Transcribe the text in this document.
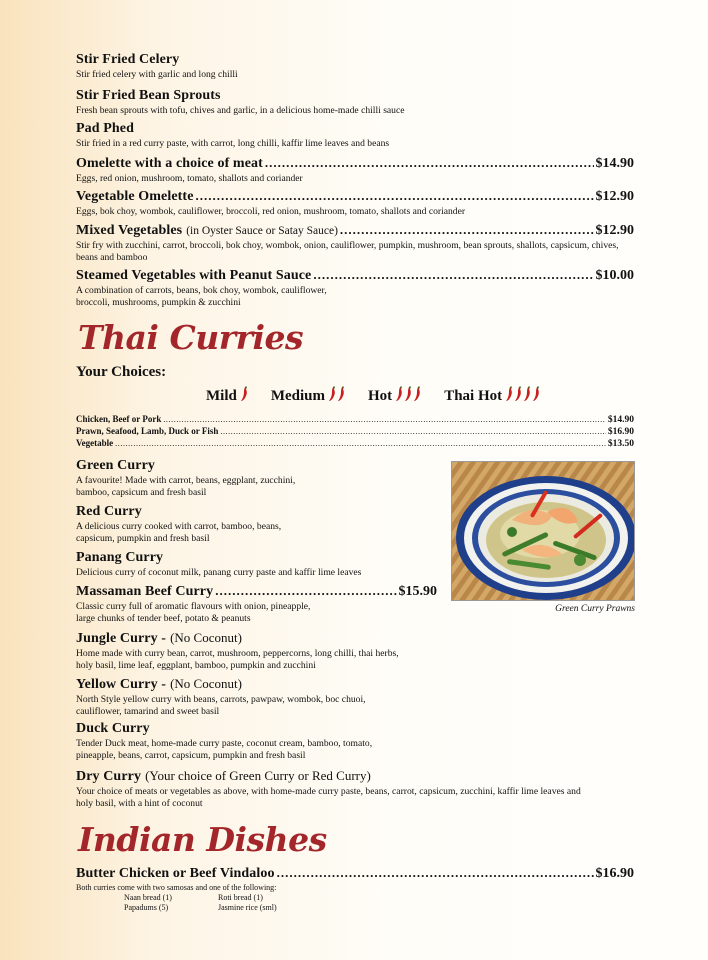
Stir Fried Celery
Stir fried celery with garlic and long chilli
Stir Fried Bean Sprouts
Fresh bean sprouts with tofu, chives and garlic, in a delicious home-made chilli sauce
Pad Phed
Stir fried in a red curry paste, with carrot, long chilli, kaffir lime leaves and beans
Omelette with a choice of meat .....	$14.90
Eggs, red onion, mushroom, tomato, shallots and coriander
Vegetable Omelette .....	$12.90
Eggs, bok choy, wombok, cauliflower, broccoli, red onion, mushroom, tomato, shallots and coriander
Mixed Vegetables
(in Oyster Sauce or Satay Sauce) .....	$12.90
Stir fry with zucchini, carrot, broccoli, bok choy, wombok, onion, cauliflower, pumpkin, mushroom, bean sprouts, shallots, capsicum, chives, beans and bamboo
Steamed Vegetables with Peanut Sauce .....	$10.00
A combination of carrots, beans, bok choy, wombok, cauliflower,
broccoli, mushrooms, pumpkin & zucchini
Thai Curries
Your Choices:
Mild Medium	Hot	Thai Hot
Chicken, Beef or Pork .....	$14.90
Prawn, Seafood, Lamb, Duck or Fish .....	$16.90
Vegetable .....	$13.50
Green Curry Prawns
Green Curry
A favourite! Made with carrot, beans, eggplant, zucchini,
bamboo, capsicum and fresh basil
Red Curry
A delicious curry cooked with carrot, bamboo, beans,
capsicum, pumpkin and fresh basil
Panang Curry
Delicious curry of coconut milk, panang curry paste and kaffir lime leaves
Massaman Beef Curry .....	$15.90
Classic curry full of aromatic flavours with onion, pineapple,
large chunks of tender beef, potato & peanuts
Jungle Curry -
(No Coconut)
Home made with curry bean, carrot, mushroom, peppercorns, long chilli, thai herbs,
holy basil, lime leaf, eggplant, bamboo, pumpkin and zucchini
Yellow Curry -
(No Coconut)
North Style yellow curry with beans, carrots, pawpaw, wombok, boc chuoi,
cauliflower, tamarind and sweet basil
Duck Curry
Tender Duck meat, home-made curry paste, coconut cream, bamboo, tomato,
pineapple, beans, carrot, capsicum, pumpkin and fresh basil
Dry Curry
(Your choice of Green Curry or Red Curry)
Your choice of meats or vegetables as above, with home-made curry paste, beans, carrot, capsicum, zucchini, kaffir lime leaves and
holy basil, with a hint of coconut
Indian Dishes
Butter Chicken or Beef Vindaloo .....	$16.90
Both curries come with two samosas and one of the following:
Naan bread (1)	Roti bread (1)
Papadums (5)	Jasmine rice (sml)
